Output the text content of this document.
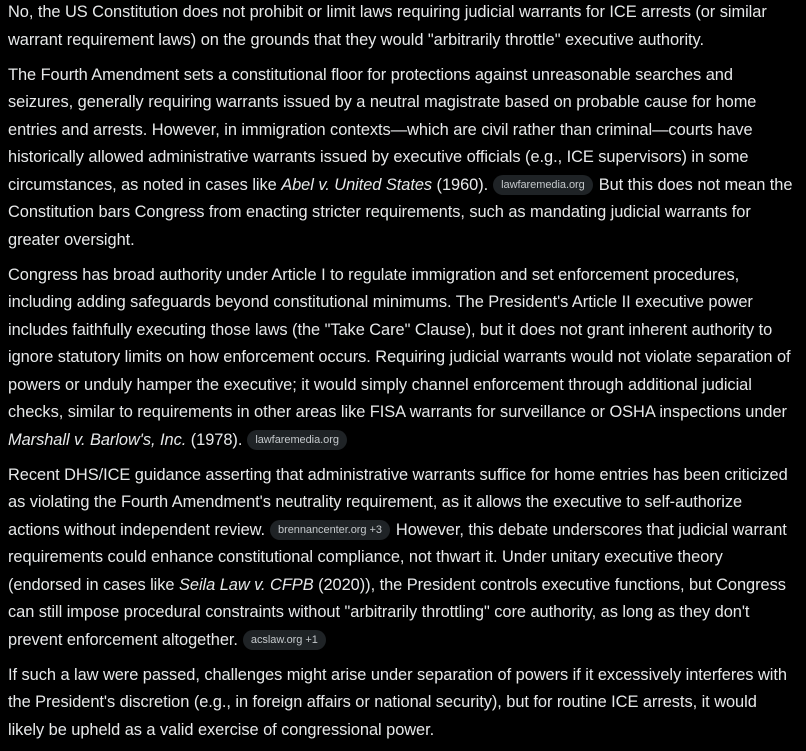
No, the US Constitution does not prohibit or limit laws requiring judicial warrants for ICE arrests (or similar warrant requirement laws) on the grounds that they would "arbitrarily throttle" executive authority.

The Fourth Amendment sets a constitutional floor for protections against unreasonable searches and seizures, generally requiring warrants issued by a neutral magistrate based on probable cause for home entries and arrests. However, in immigration contexts—which are civil rather than criminal—courts have historically allowed administrative warrants issued by executive officials (e.g., ICE supervisors) in some circumstances, as noted in cases like Abel v. United States (1960). lawfaremedia.org But this does not mean the Constitution bars Congress from enacting stricter requirements, such as mandating judicial warrants for greater oversight.

Congress has broad authority under Article I to regulate immigration and set enforcement procedures, including adding safeguards beyond constitutional minimums. The President's Article II executive power includes faithfully executing those laws (the "Take Care" Clause), but it does not grant inherent authority to ignore statutory limits on how enforcement occurs. Requiring judicial warrants would not violate separation of powers or unduly hamper the executive; it would simply channel enforcement through additional judicial checks, similar to requirements in other areas like FISA warrants for surveillance or OSHA inspections under Marshall v. Barlow's, Inc. (1978). lawfaremedia.org

Recent DHS/ICE guidance asserting that administrative warrants suffice for home entries has been criticized as violating the Fourth Amendment's neutrality requirement, as it allows the executive to self-authorize actions without independent review. brennancenter.org +3 However, this debate underscores that judicial warrant requirements could enhance constitutional compliance, not thwart it. Under unitary executive theory (endorsed in cases like Seila Law v. CFPB (2020)), the President controls executive functions, but Congress can still impose procedural constraints without "arbitrarily throttling" core authority, as long as they don't prevent enforcement altogether. acslaw.org +1

If such a law were passed, challenges might arise under separation of powers if it excessively interferes with the President's discretion (e.g., in foreign affairs or national security), but for routine ICE arrests, it would likely be upheld as a valid exercise of congressional power.
